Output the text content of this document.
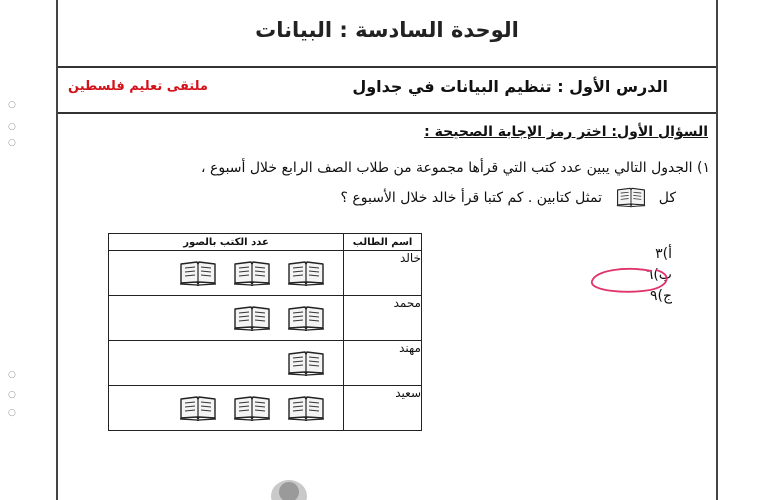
الوحدة السادسة : البيانات
الدرس الأول : تنظيم البيانات في جداول
ملتقى تعليم فلسطين
السؤال الأول: اختر رمز الإجابة الصحيحة :
١) الجدول التالي يبين عدد كتب التي قرأها مجموعة من طلاب الصف الرابع خلال أسبوع ،
كل
تمثل كتابين . كم كتبا قرأ خالد خلال الأسبوع ؟
اسم الطالب	عدد الكتب بالصور
خالد	

محمد	

مهند	

سعيد	
أ)٣
ب)٦
ج)٩
○
○
○
○
○
○
